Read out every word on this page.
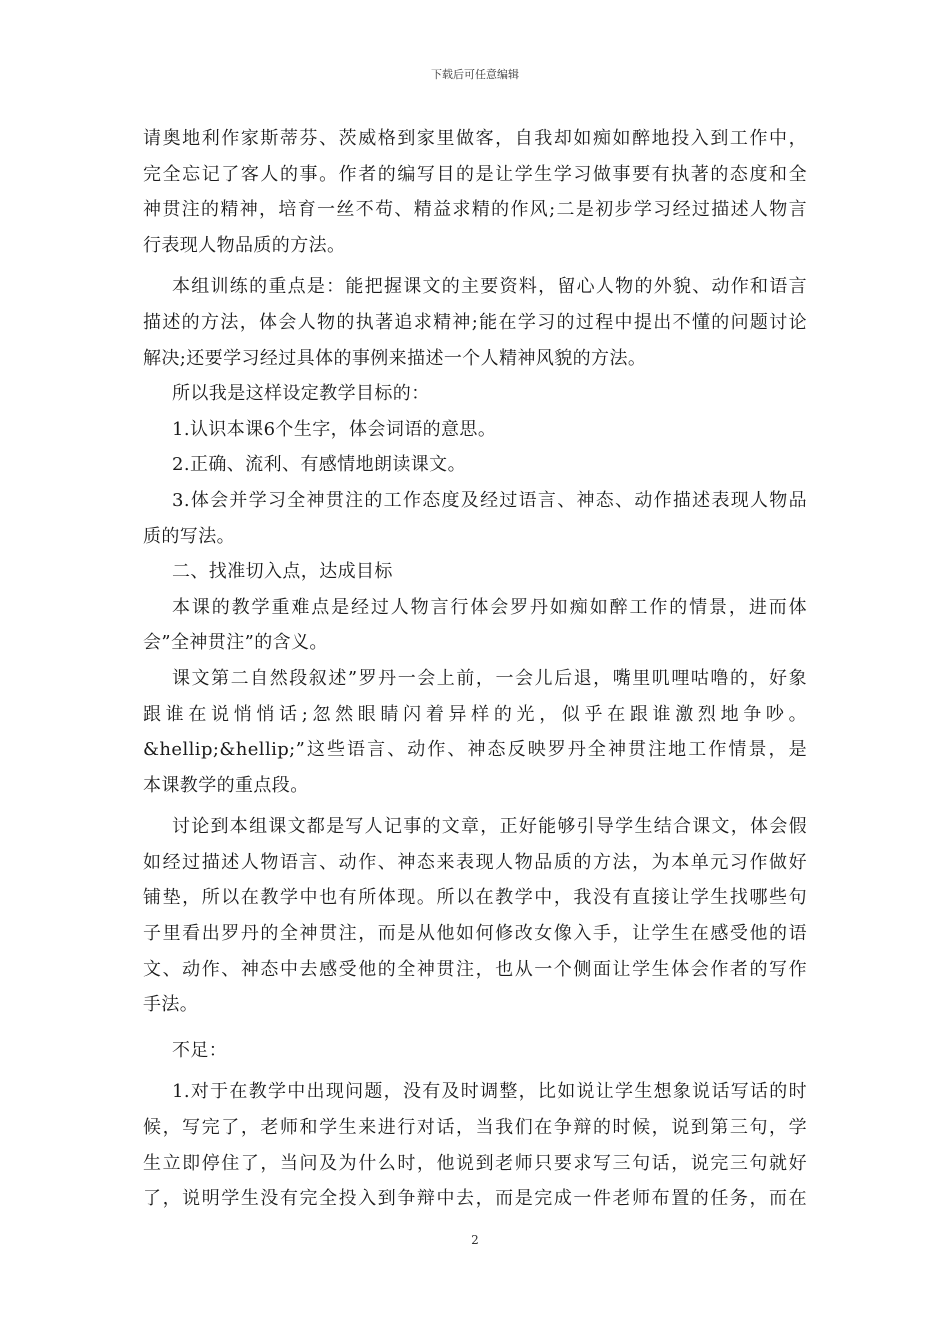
下载后可任意编辑

请奥地利作家斯蒂芬、茨威格到家里做客，自我却如痴如醉地投入到工作中，

完全忘记了客人的事。作者的编写目的是让学生学习做事要有执著的态度和全

神贯注的精神，培育一丝不苟、精益求精的作风;二是初步学习经过描述人物言

行表现人物品质的方法。

本组训练的重点是：能把握课文的主要资料，留心人物的外貌、动作和语言

描述的方法，体会人物的执著追求精神;能在学习的过程中提出不懂的问题讨论

解决;还要学习经过具体的事例来描述一个人精神风貌的方法。

所以我是这样设定教学目标的：

1.认识本课6个生字，体会词语的意思。

2.正确、流利、有感情地朗读课文。

3.体会并学习全神贯注的工作态度及经过语言、神态、动作描述表现人物品

质的写法。

二、找准切入点，达成目标

本课的教学重难点是经过人物言行体会罗丹如痴如醉工作的情景，进而体

会”全神贯注”的含义。

课文第二自然段叙述”罗丹一会上前，一会儿后退，嘴里叽哩咕噜的，好象

跟谁在说悄悄话;忽然眼睛闪着异样的光，似乎在跟谁激烈地争吵。

&hellip;&hellip;”这些语言、动作、神态反映罗丹全神贯注地工作情景，是

本课教学的重点段。

讨论到本组课文都是写人记事的文章，正好能够引导学生结合课文，体会假

如经过描述人物语言、动作、神态来表现人物品质的方法，为本单元习作做好

铺垫，所以在教学中也有所体现。所以在教学中，我没有直接让学生找哪些句

子里看出罗丹的全神贯注，而是从他如何修改女像入手，让学生在感受他的语

文、动作、神态中去感受他的全神贯注，也从一个侧面让学生体会作者的写作

手法。

不足：

1.对于在教学中出现问题，没有及时调整，比如说让学生想象说话写话的时

候，写完了，老师和学生来进行对话，当我们在争辩的时候，说到第三句，学

生立即停住了，当问及为什么时，他说到老师只要求写三句话，说完三句就好

了，说明学生没有完全投入到争辩中去，而是完成一件老师布置的任务，而在

2
